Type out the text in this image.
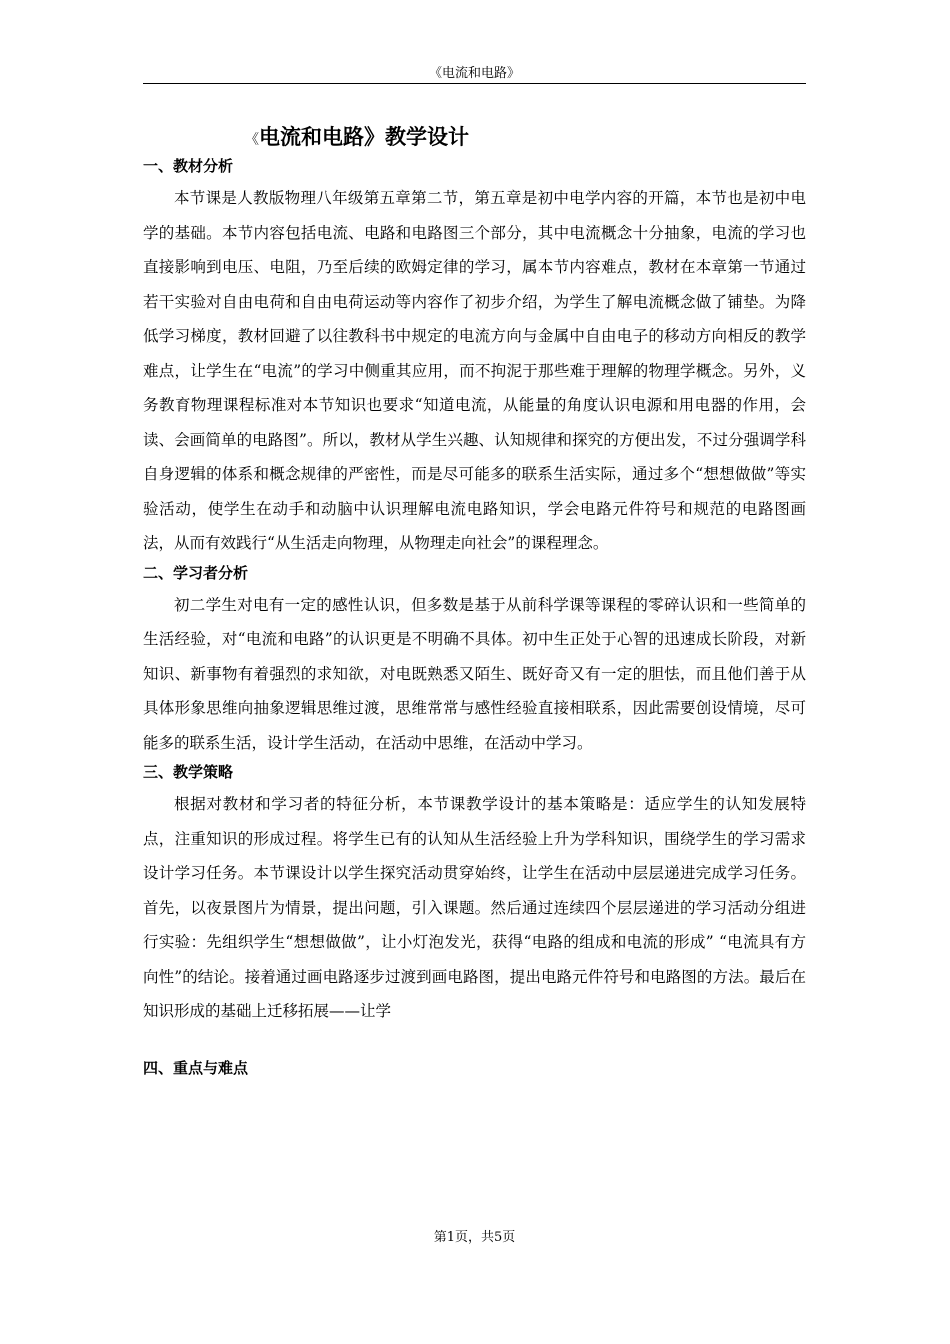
《电流和电路》
《电流和电路》教学设计
一、教材分析

本节课是人教版物理八年级第五章第二节，第五章是初中电学内容的开篇，本节也是初中电学的基础。本节内容包括电流、电路和电路图三个部分，其中电流概念十分抽象，电流的学习也直接影响到电压、电阻，乃至后续的欧姆定律的学习，属本节内容难点，教材在本章第一节通过若干实验对自由电荷和自由电荷运动等内容作了初步介绍，为学生了解电流概念做了铺垫。为降低学习梯度，教材回避了以往教科书中规定的电流方向与金属中自由电子的移动方向相反的教学难点，让学生在“电流”的学习中侧重其应用，而不拘泥于那些难于理解的物理学概念。另外，义务教育物理课程标准对本节知识也要求“知道电流，从能量的角度认识电源和用电器的作用，会读、会画简单的电路图”。所以，教材从学生兴趣、认知规律和探究的方便出发，不过分强调学科自身逻辑的体系和概念规律的严密性，而是尽可能多的联系生活实际，通过多个“想想做做”等实验活动，使学生在动手和动脑中认识理解电流电路知识，学会电路元件符号和规范的电路图画法，从而有效践行“从生活走向物理，从物理走向社会”的课程理念。

二、学习者分析

初二学生对电有一定的感性认识，但多数是基于从前科学课等课程的零碎认识和一些简单的生活经验，对“电流和电路”的认识更是不明确不具体。初中生正处于心智的迅速成长阶段，对新知识、新事物有着强烈的求知欲，对电既熟悉又陌生、既好奇又有一定的胆怯，而且他们善于从具体形象思维向抽象逻辑思维过渡，思维常常与感性经验直接相联系，因此需要创设情境，尽可能多的联系生活，设计学生活动，在活动中思维，在活动中学习。

三、教学策略

根据对教材和学习者的特征分析，本节课教学设计的基本策略是：适应学生的认知发展特点，注重知识的形成过程。将学生已有的认知从生活经验上升为学科知识，围绕学生的学习需求设计学习任务。本节课设计以学生探究活动贯穿始终，让学生在活动中层层递进完成学习任务。首先，以夜景图片为情景，提出问题，引入课题。然后通过连续四个层层递进的学习活动分组进行实验：先组织学生“想想做做”，让小灯泡发光，获得“电路的组成和电流的形成” “电流具有方向性”的结论。接着通过画电路逐步过渡到画电路图，提出电路元件符号和电路图的方法。最后在知识形成的基础上迁移拓展——让学

四、重点与难点
第1页，共5页
